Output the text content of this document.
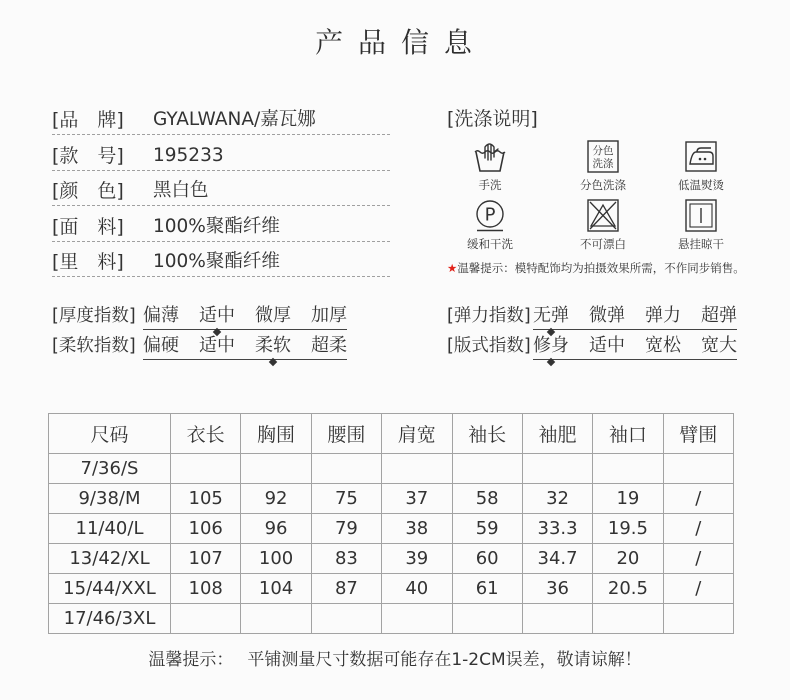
产 品 信 息
[品　牌]	GYALWANA/嘉瓦娜
[款　号]	195233
[颜　色]	黑白色
[面　料]	100%聚酯纤维
[里　料]	100%聚酯纤维
[洗涤说明]
手洗
分色
洗涤
分色洗涤	低温熨烫
P
缓和干洗	不可漂白	悬挂晾干
★温馨提示：模特配饰均为拍摄效果所需，不作同步销售。
[厚度指数] 偏薄 适中 微厚 加厚
[柔软指数] 偏硬 适中 柔软 超柔
[弹力指数] 无弹 微弹 弹力 超弹
[版式指数] 修身 适中 宽松 宽大
尺码	衣长	胸围	腰围	肩宽	袖长	袖肥	袖口	臂围
7/36/S								
9/38/M	105	92	75	37	58	32	19	/
11/40/L	106	96	79	38	59	33.3	19.5	/
13/42/XL	107	100	83	39	60	34.7	20	/
15/44/XXL	108	104	87	40	61	36	20.5	/
17/46/3XL								
温馨提示： 平铺测量尺寸数据可能存在1-2CM误差，敬请谅解！
